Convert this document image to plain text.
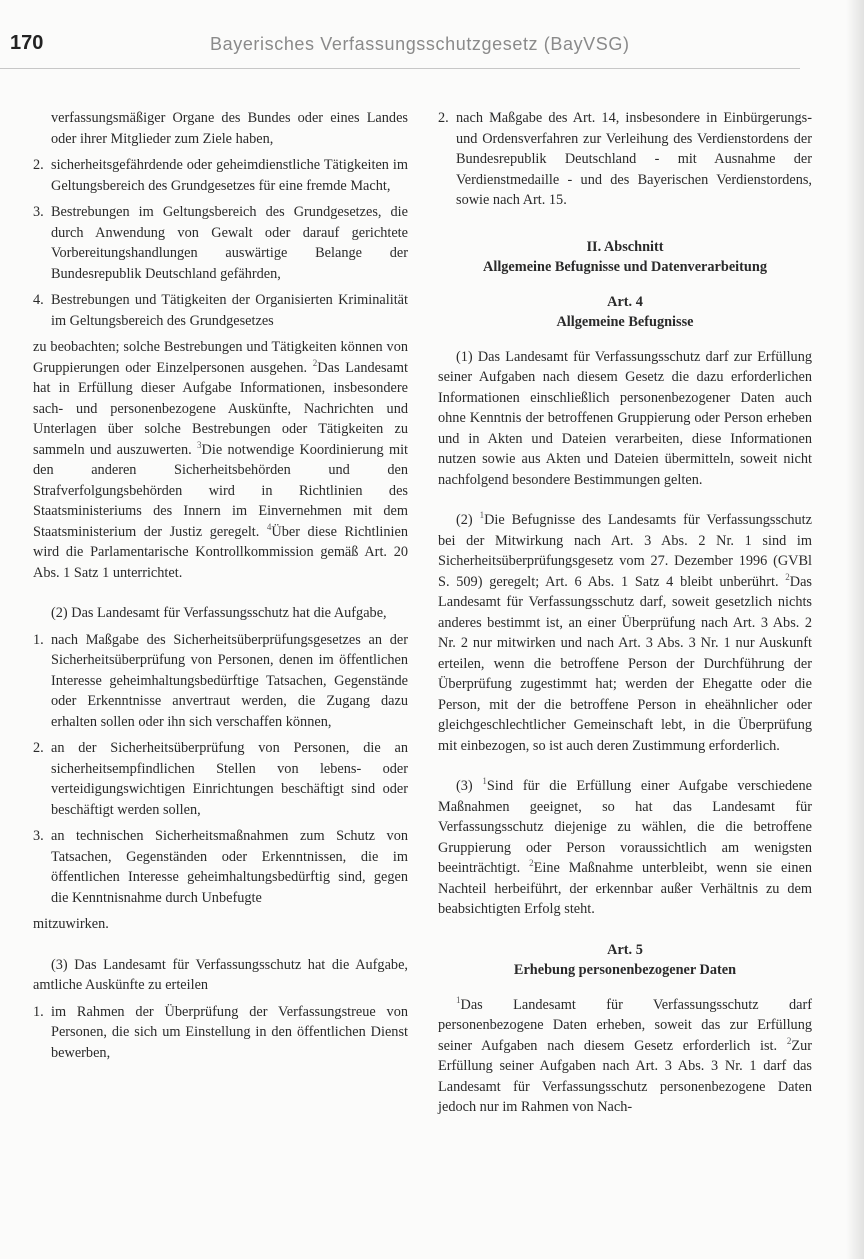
170	Bayerisches Verfassungsschutzgesetz (BayVSG)

verfassungsmäßiger Organe des Bundes oder eines Landes oder ihrer Mitglieder zum Ziele haben,

2. sicherheitsgefährdende oder geheimdienstliche Tätigkeiten im Geltungsbereich des Grundgesetzes für eine fremde Macht,
3. Bestrebungen im Geltungsbereich des Grundgesetzes, die durch Anwendung von Gewalt oder darauf gerichtete Vorbereitungshandlungen auswärtige Belange der Bundesrepublik Deutschland gefährden,
4. Bestrebungen und Tätigkeiten der Organisierten Kriminalität im Geltungsbereich des Grundgesetzes

zu beobachten; solche Bestrebungen und Tätigkeiten können von Gruppierungen oder Einzelpersonen ausgehen. $^2$Das Landesamt hat in Erfüllung dieser Aufgabe Informationen, insbesondere sach- und personenbezogene Auskünfte, Nachrichten und Unterlagen über solche Bestrebungen oder Tätigkeiten zu sammeln und auszuwerten. $^3$Die notwendige Koordinierung mit den anderen Sicherheitsbehörden und den Strafverfolgungsbehörden wird in Richtlinien des Staatsministeriums des Innern im Einvernehmen mit dem Staatsministerium der Justiz geregelt. $^4$Über diese Richtlinien wird die Parlamentarische Kontrollkommission gemäß Art. 20 Abs. 1 Satz 1 unterrichtet.

(2) Das Landesamt für Verfassungsschutz hat die Aufgabe,

1. nach Maßgabe des Sicherheitsüberprüfungsgesetzes an der Sicherheitsüberprüfung von Personen, denen im öffentlichen Interesse geheimhaltungsbedürftige Tatsachen, Gegenstände oder Erkenntnisse anvertraut werden, die Zugang dazu erhalten sollen oder ihn sich verschaffen können,
2. an der Sicherheitsüberprüfung von Personen, die an sicherheitsempfindlichen Stellen von lebens- oder verteidigungswichtigen Einrichtungen beschäftigt sind oder beschäftigt werden sollen,
3. an technischen Sicherheitsmaßnahmen zum Schutz von Tatsachen, Gegenständen oder Erkenntnissen, die im öffentlichen Interesse geheimhaltungsbedürftig sind, gegen die Kenntnisnahme durch Unbefugte

mitzuwirken.

(3) Das Landesamt für Verfassungsschutz hat die Aufgabe, amtliche Auskünfte zu erteilen

1. im Rahmen der Überprüfung der Verfassungstreue von Personen, die sich um Einstellung in den öffentlichen Dienst bewerben,
2. nach Maßgabe des Art. 14, insbesondere in Einbürgerungs- und Ordensverfahren zur Verleihung des Verdienstordens der Bundesrepublik Deutschland - mit Ausnahme der Verdienstmedaille - und des Bayerischen Verdienstordens, sowie nach Art. 15.

II. Abschnitt

Allgemeine Befugnisse und Datenverarbeitung

Art. 4

Allgemeine Befugnisse

(1) Das Landesamt für Verfassungsschutz darf zur Erfüllung seiner Aufgaben nach diesem Gesetz die dazu erforderlichen Informationen einschließlich personenbezogener Daten auch ohne Kenntnis der betroffenen Gruppierung oder Person erheben und in Akten und Dateien verarbeiten, diese Informationen nutzen sowie aus Akten und Dateien übermitteln, soweit nicht nachfolgend besondere Bestimmungen gelten.

(2) $^1$Die Befugnisse des Landesamts für Verfassungsschutz bei der Mitwirkung nach Art. 3 Abs. 2 Nr. 1 sind im Sicherheitsüberprüfungsgesetz vom 27. Dezember 1996 (GVBl S. 509) geregelt; Art. 6 Abs. 1 Satz 4 bleibt unberührt. $^2$Das Landesamt für Verfassungsschutz darf, soweit gesetzlich nichts anderes bestimmt ist, an einer Überprüfung nach Art. 3 Abs. 2 Nr. 2 nur mitwirken und nach Art. 3 Abs. 3 Nr. 1 nur Auskunft erteilen, wenn die betroffene Person der Durchführung der Überprüfung zugestimmt hat; werden der Ehegatte oder die Person, mit der die betroffene Person in eheähnlicher oder gleichgeschlechtlicher Gemeinschaft lebt, in die Überprüfung mit einbezogen, so ist auch deren Zustimmung erforderlich.

(3) $^1$Sind für die Erfüllung einer Aufgabe verschiedene Maßnahmen geeignet, so hat das Landesamt für Verfassungsschutz diejenige zu wählen, die die betroffene Gruppierung oder Person voraussichtlich am wenigsten beeinträchtigt. $^2$Eine Maßnahme unterbleibt, wenn sie einen Nachteil herbeiführt, der erkennbar außer Verhältnis zu dem beabsichtigten Erfolg steht.

Art. 5

Erhebung personenbezogener Daten

$^1$Das Landesamt für Verfassungsschutz darf personenbezogene Daten erheben, soweit das zur Erfüllung seiner Aufgaben nach diesem Gesetz erforderlich ist. $^2$Zur Erfüllung seiner Aufgaben nach Art. 3 Abs. 3 Nr. 1 darf das Landesamt für Verfassungsschutz personenbezogene Daten jedoch nur im Rahmen von Nach-
